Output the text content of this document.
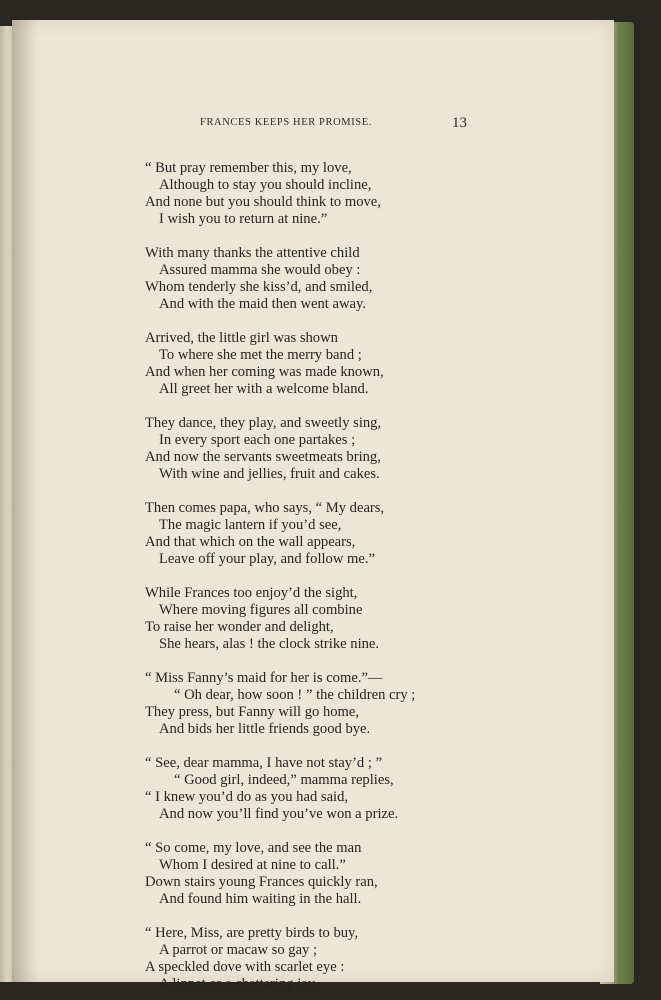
FRANCES KEEPS HER PROMISE.	13
“ But pray remember this, my love,
Although to stay you should incline,
And none but you should think to move,
I wish you to return at nine.”
With many thanks the attentive child
Assured mamma she would obey :
Whom tenderly she kiss’d, and smiled,
And with the maid then went away.
Arrived, the little girl was shown
To where she met the merry band ;
And when her coming was made known,
All greet her with a welcome bland.
They dance, they play, and sweetly sing,
In every sport each one partakes ;
And now the servants sweetmeats bring,
With wine and jellies, fruit and cakes.
Then comes papa, who says, “ My dears,
The magic lantern if you’d see,
And that which on the wall appears,
Leave off your play, and follow me.”
While Frances too enjoy’d the sight,
Where moving figures all combine
To raise her wonder and delight,
She hears, alas ! the clock strike nine.
“ Miss Fanny’s maid for her is come.”—
“ Oh dear, how soon ! ” the children cry ;
They press, but Fanny will go home,
And bids her little friends good bye.
“ See, dear mamma, I have not stay’d ; ”
“ Good girl, indeed,” mamma replies,
“ I knew you’d do as you had said,
And now you’ll find you’ve won a prize.
“ So come, my love, and see the man
Whom I desired at nine to call.”
Down stairs young Frances quickly ran,
And found him waiting in the hall.
“ Here, Miss, are pretty birds to buy,
A parrot or macaw so gay ;
A speckled dove with scarlet eye :
A linnet or a chattering jay.
